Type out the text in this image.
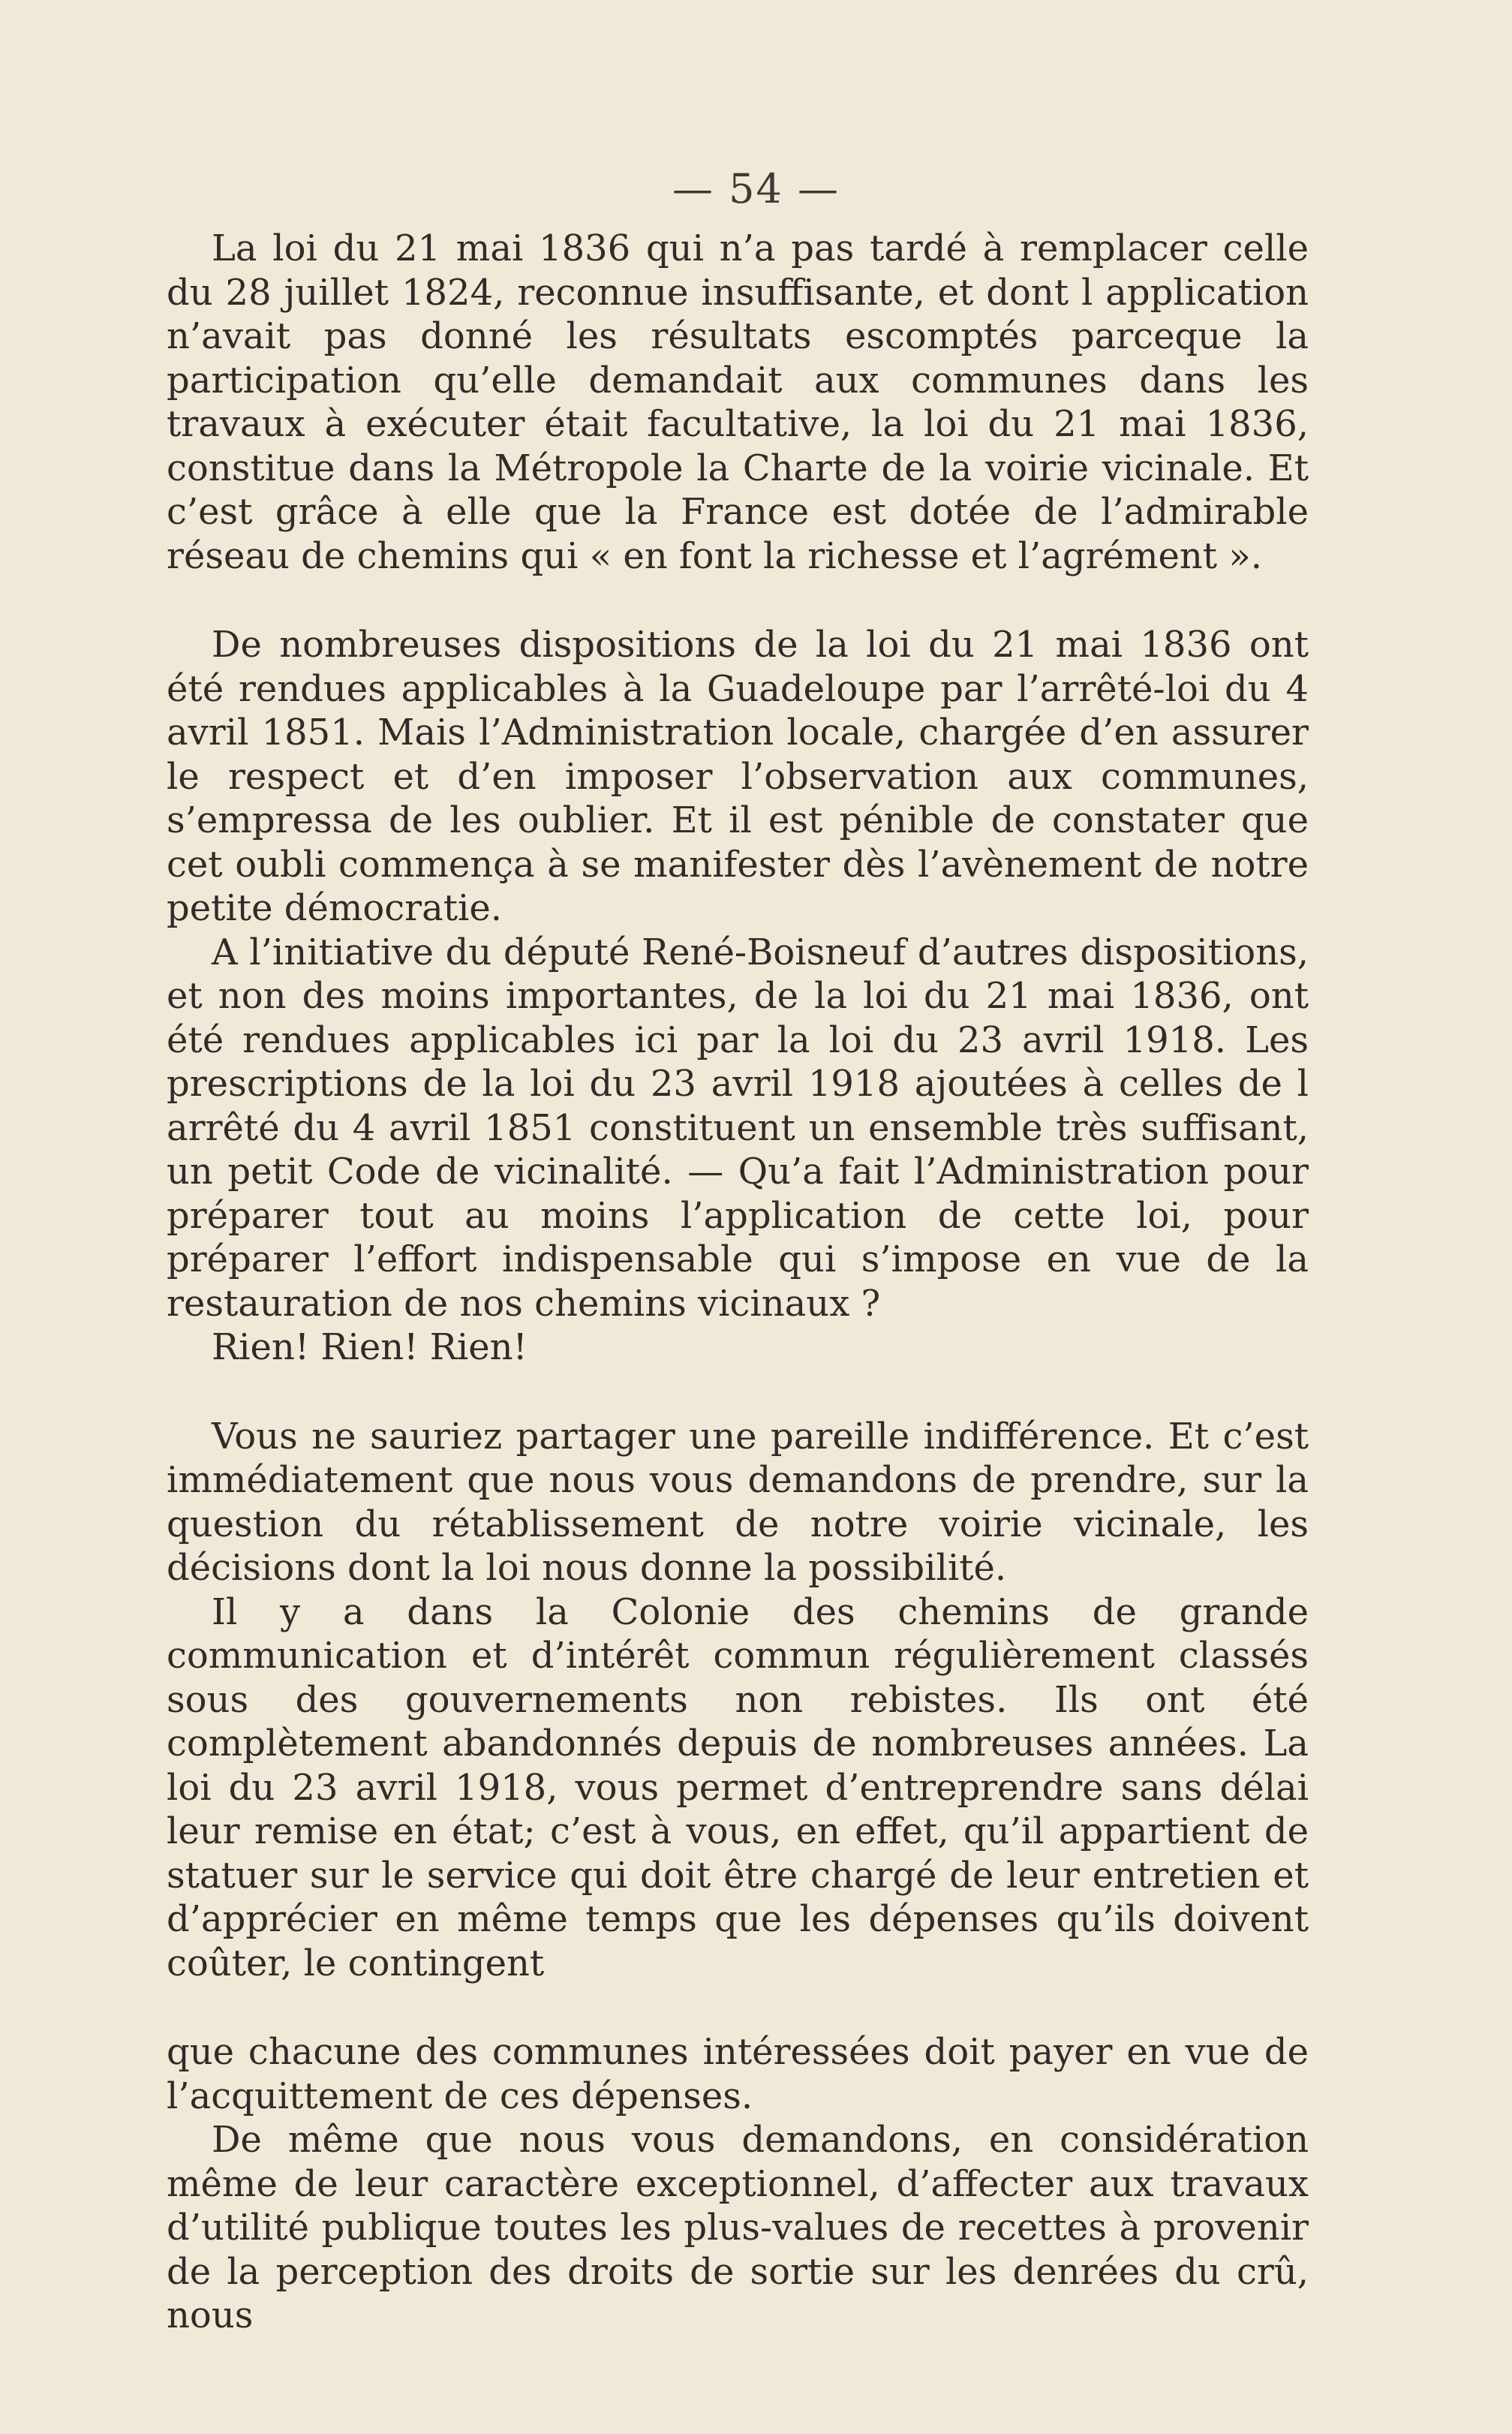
— 54 —

La loi du 21 mai 1836 qui n’a pas tardé à remplacer celle du 28 juillet 1824, reconnue insuffisante, et dont l application n’avait pas donné les résultats escomptés parceque la participation qu’elle demandait aux communes dans les travaux à exécuter était facultative, la loi du 21 mai 1836, constitue dans la Métropole la Charte de la voirie vicinale. Et c’est grâce à elle que la France est dotée de l’admirable réseau de chemins qui « en font la richesse et l’agrément ».

De nombreuses dispositions de la loi du 21 mai 1836 ont été rendues applicables à la Guadeloupe par l’arrêté-loi du 4 avril 1851. Mais l’Administration locale, chargée d’en assurer le respect et d’en imposer l’observation aux communes, s’empressa de les oublier. Et il est pénible de constater que cet oubli commença à se manifester dès l’avènement de notre petite démocratie.

A l’initiative du député René-Boisneuf d’autres dispositions, et non des moins importantes, de la loi du 21 mai 1836, ont été rendues applicables ici par la loi du 23 avril 1918. Les prescriptions de la loi du 23 avril 1918 ajoutées à celles de l arrêté du 4 avril 1851 constituent un ensemble très suffisant, un petit Code de vicinalité. — Qu’a fait l’Administration pour préparer tout au moins l’application de cette loi, pour préparer l’effort indispensable qui s’impose en vue de la restauration de nos chemins vicinaux ?

Rien! Rien! Rien!

Vous ne sauriez partager une pareille indifférence. Et c’est immédiatement que nous vous demandons de prendre, sur la question du rétablissement de notre voirie vicinale, les décisions dont la loi nous donne la possibilité.

Il y a dans la Colonie des chemins de grande communication et d’intérêt commun régulièrement classés sous des gouvernements non rebistes. Ils ont été complètement abandonnés depuis de nombreuses années. La loi du 23 avril 1918, vous permet d’entreprendre sans délai leur remise en état; c’est à vous, en effet, qu’il appartient de statuer sur le service qui doit être chargé de leur entretien et d’apprécier en même temps que les dépenses qu’ils doivent coûter, le contingent

que chacune des communes intéressées doit payer en vue de l’acquittement de ces dépenses.

De même que nous vous demandons, en considération même de leur caractère exceptionnel, d’affecter aux travaux d’utilité publique toutes les plus-values de recettes à provenir de la perception des droits de sortie sur les denrées du crû, nous
